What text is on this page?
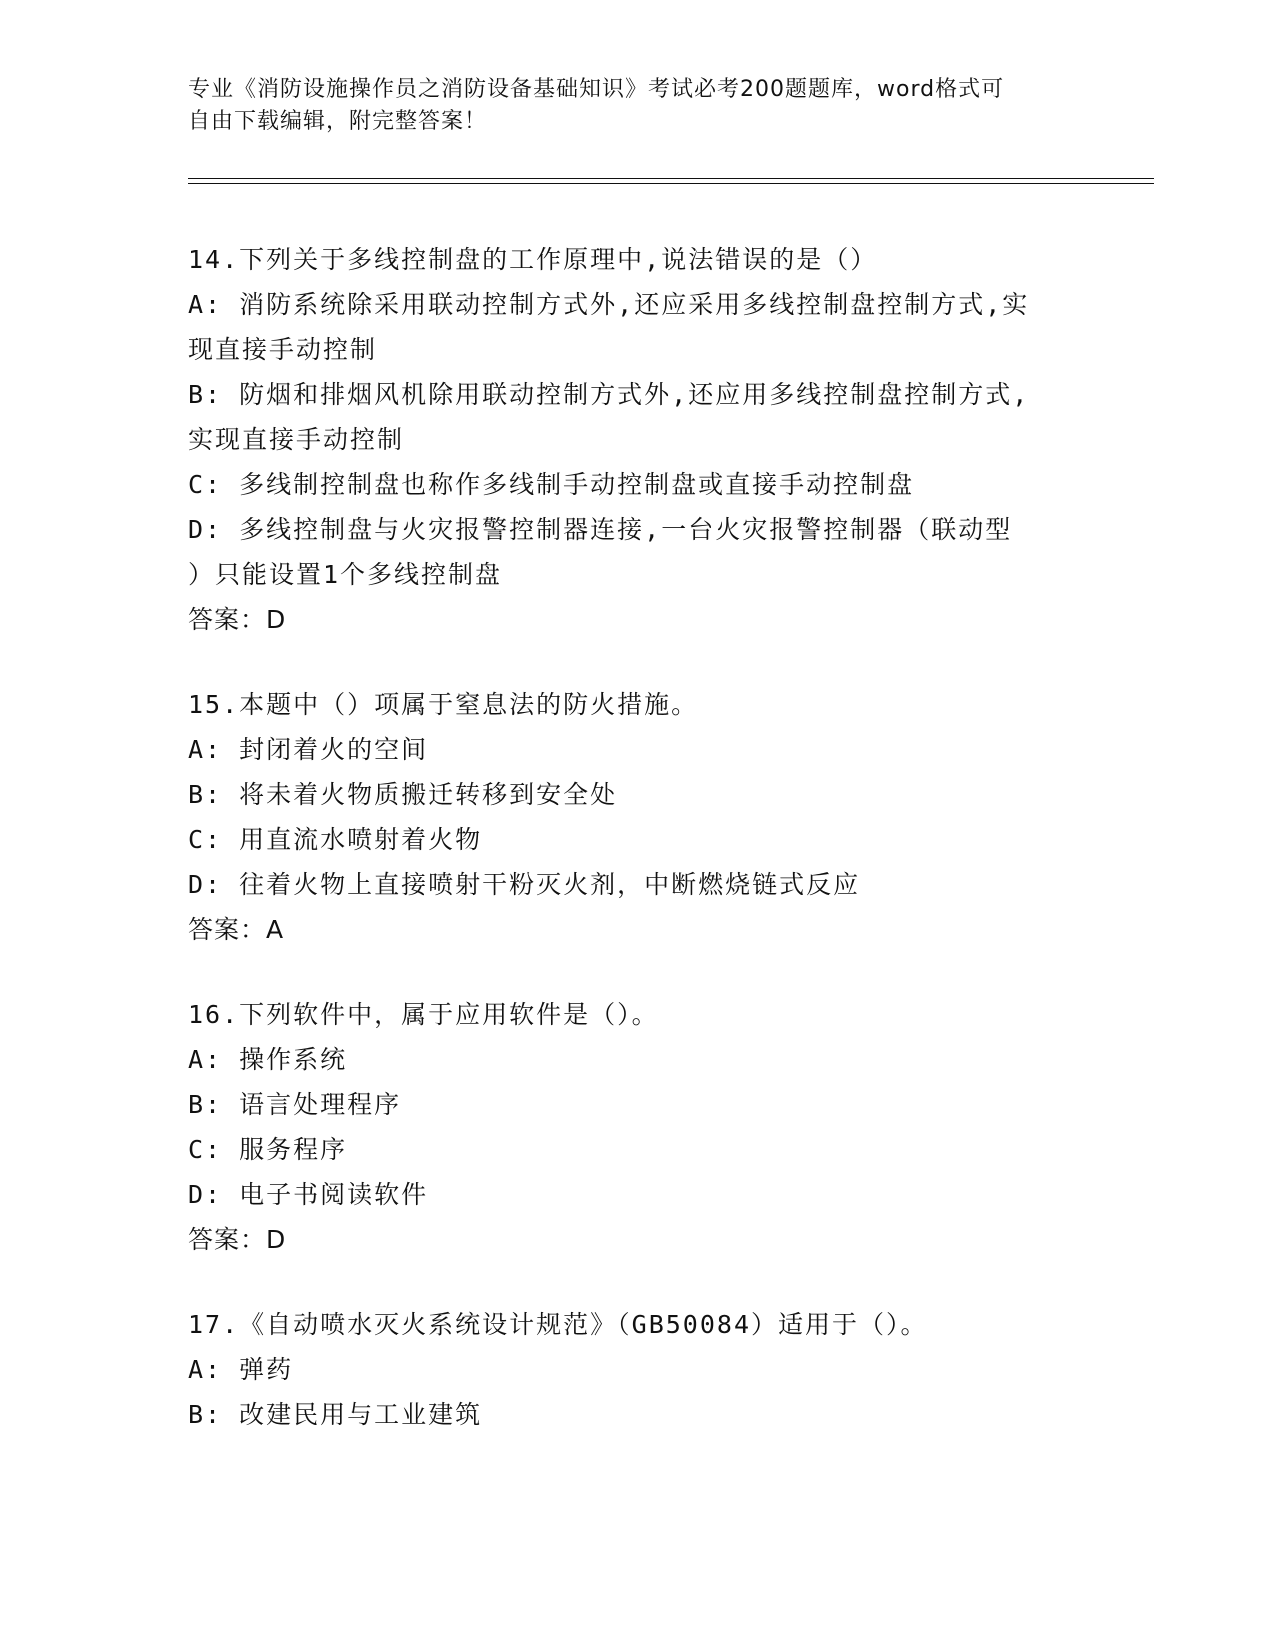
专业《消防设施操作员之消防设备基础知识》考试必考200题题库，word格式可
自由下载编辑，附完整答案！
14.下列关于多线控制盘的工作原理中,说法错误的是（）
A: 消防系统除采用联动控制方式外,还应采用多线控制盘控制方式,实
现直接手动控制
B: 防烟和排烟风机除用联动控制方式外,还应用多线控制盘控制方式,
实现直接手动控制
C: 多线制控制盘也称作多线制手动控制盘或直接手动控制盘
D: 多线控制盘与火灾报警控制器连接,一台火灾报警控制器（联动型
）只能设置1个多线控制盘
答案：D
15.本题中（）项属于窒息法的防火措施。
A: 封闭着火的空间
B: 将未着火物质搬迁转移到安全处
C: 用直流水喷射着火物
D: 往着火物上直接喷射干粉灭火剂，中断燃烧链式反应
答案：A
16.下列软件中，属于应用软件是（）。
A: 操作系统
B: 语言处理程序
C: 服务程序
D: 电子书阅读软件
答案：D
17.《自动喷水灭火系统设计规范》（GB50084）适用于（）。
A: 弹药
B: 改建民用与工业建筑
